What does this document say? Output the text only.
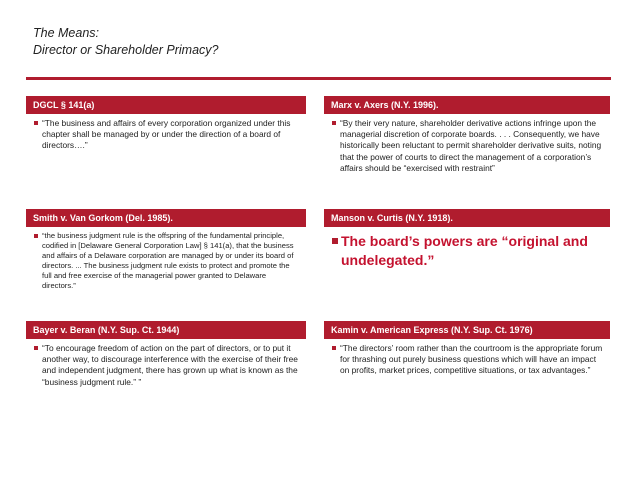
The Means:
Director or Shareholder Primacy?
DGCL § 141(a)
“The business and affairs of every corporation organized under this chapter shall be managed by or under the direction of a board of directors….”
Marx v. Axers (N.Y. 1996).
“By their very nature, shareholder derivative actions infringe upon the managerial discretion of corporate boards. . . . Consequently, we have historically been reluctant to permit shareholder derivative suits, noting that the power of courts to direct the management of a corporation’s affairs should be “exercised with restraint”
Smith v. Van Gorkom (Del. 1985).
“the business judgment rule is the offspring of the fundamental principle, codified in [Delaware General Corporation Law] § 141(a), that the business and affairs of a Delaware corporation are managed by or under its board of directors. ... The business judgment rule exists to protect and promote the full and free exercise of the managerial power granted to Delaware directors.”
Manson v. Curtis (N.Y. 1918).
The board’s powers are “original and undelegated.”
Bayer v. Beran (N.Y. Sup. Ct. 1944)
“To encourage freedom of action on the part of directors, or to put it another way, to discourage interference with the exercise of their free and independent judgment, there has grown up what is known as the “business judgment rule.” ”
Kamin v. American Express (N.Y. Sup. Ct. 1976)
“The directors’ room rather than the courtroom is the appropriate forum for thrashing out purely business questions which will have an impact on profits, market prices, competitive situations, or tax advantages.”
